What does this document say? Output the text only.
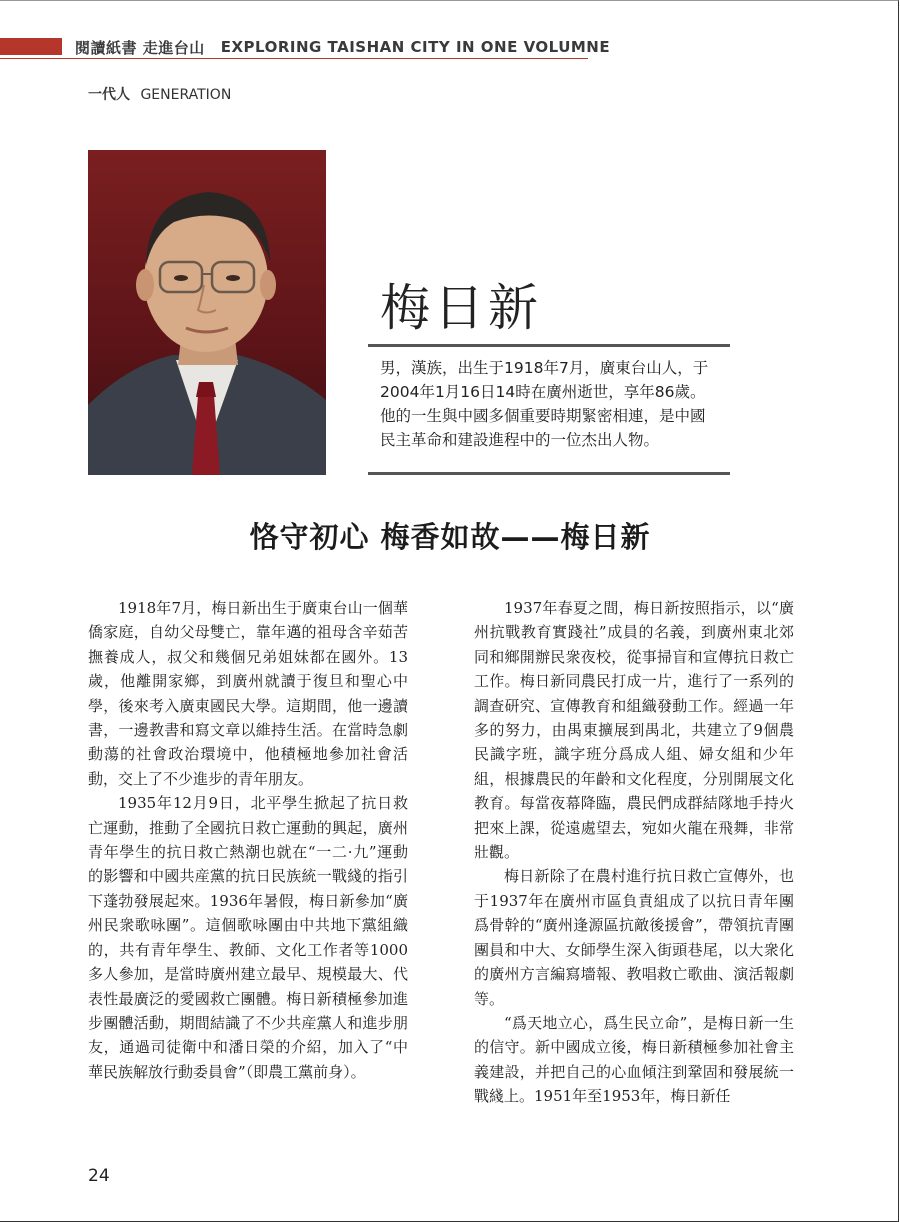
閱讀紙書 走進台山 EXPLORING TAISHAN CITY IN ONE VOLUMNE
一代人 GENERATION
梅日新

男，漢族，出生于1918年7月，廣東台山人，于

2004年1月16日14時在廣州逝世，享年86歲。

他的一生與中國多個重要時期緊密相連，是中國

民主革命和建設進程中的一位杰出人物。

恪守初心 梅香如故——梅日新

1918年7月，梅日新出生于廣東台山一個華僑家庭，自幼父母雙亡，靠年邁的祖母含辛茹苦撫養成人，叔父和幾個兄弟姐妹都在國外。13歲，他離開家鄉，到廣州就讀于復旦和聖心中學，後來考入廣東國民大學。這期間，他一邊讀書，一邊教書和寫文章以維持生活。在當時急劇動蕩的社會政治環境中，他積極地參加社會活動，交上了不少進步的青年朋友。

1935年12月9日，北平學生掀起了抗日救亡運動，推動了全國抗日救亡運動的興起，廣州青年學生的抗日救亡熱潮也就在“一二·九”運動的影響和中國共産黨的抗日民族統一戰綫的指引下蓬勃發展起來。1936年暑假，梅日新參加“廣州民衆歌咏團”。這個歌咏團由中共地下黨組織的，共有青年學生、教師、文化工作者等1000多人參加，是當時廣州建立最早、規模最大、代表性最廣泛的愛國救亡團體。梅日新積極參加進步團體活動，期間結識了不少共産黨人和進步朋友，通過司徒衛中和潘日榮的介紹，加入了“中華民族解放行動委員會”（即農工黨前身）。

1937年春夏之間，梅日新按照指示，以“廣州抗戰教育實踐社”成員的名義，到廣州東北郊同和鄉開辦民衆夜校，從事掃盲和宣傳抗日救亡工作。梅日新同農民打成一片，進行了一系列的調查研究、宣傳教育和組織發動工作。經過一年多的努力，由禺東擴展到禺北，共建立了9個農民識字班，識字班分爲成人組、婦女組和少年組，根據農民的年齡和文化程度，分別開展文化教育。每當夜幕降臨，農民們成群結隊地手持火把來上課，從遠處望去，宛如火龍在飛舞，非常壯觀。

梅日新除了在農村進行抗日救亡宣傳外，也于1937年在廣州市區負責組成了以抗日青年團爲骨幹的“廣州逢源區抗敵後援會”，帶領抗青團團員和中大、女師學生深入街頭巷尾，以大衆化的廣州方言編寫墻報、教唱救亡歌曲、演活報劇等。

“爲天地立心，爲生民立命”，是梅日新一生的信守。新中國成立後，梅日新積極參加社會主義建設，并把自己的心血傾注到鞏固和發展統一戰綫上。1951年至1953年，梅日新任

24
